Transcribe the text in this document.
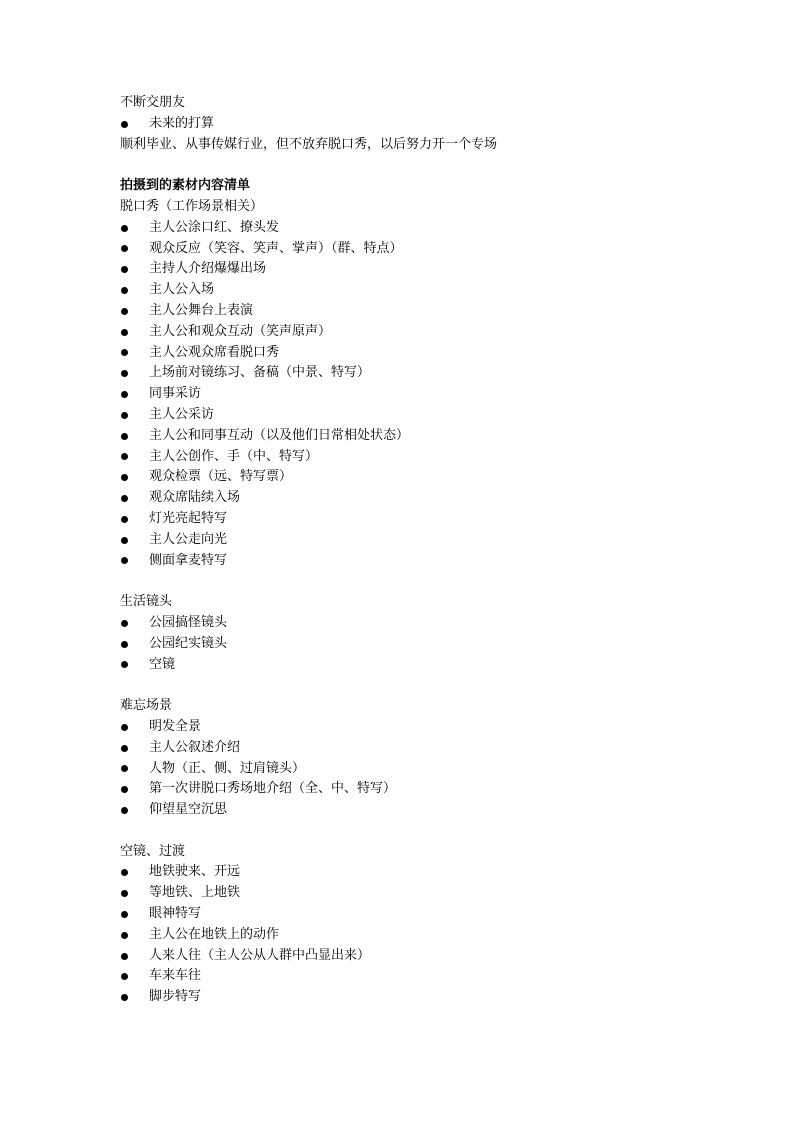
不断交朋友
未来的打算
顺利毕业、从事传媒行业，但不放弃脱口秀，以后努力开一个专场
拍摄到的素材内容清单
脱口秀（工作场景相关）
主人公涂口红、撩头发
观众反应（笑容、笑声、掌声）（群、特点）
主持人介绍爆爆出场
主人公入场
主人公舞台上表演
主人公和观众互动（笑声原声）
主人公观众席看脱口秀
上场前对镜练习、备稿（中景、特写）
同事采访
主人公采访
主人公和同事互动（以及他们日常相处状态）
主人公创作、手（中、特写）
观众检票（远、特写票）
观众席陆续入场
灯光亮起特写
主人公走向光
侧面拿麦特写
生活镜头
公园搞怪镜头
公园纪实镜头
空镜
难忘场景
明发全景
主人公叙述介绍
人物（正、侧、过肩镜头）
第一次讲脱口秀场地介绍（全、中、特写）
仰望星空沉思
空镜、过渡
地铁驶来、开远
等地铁、上地铁
眼神特写
主人公在地铁上的动作
人来人往（主人公从人群中凸显出来）
车来车往
脚步特写
